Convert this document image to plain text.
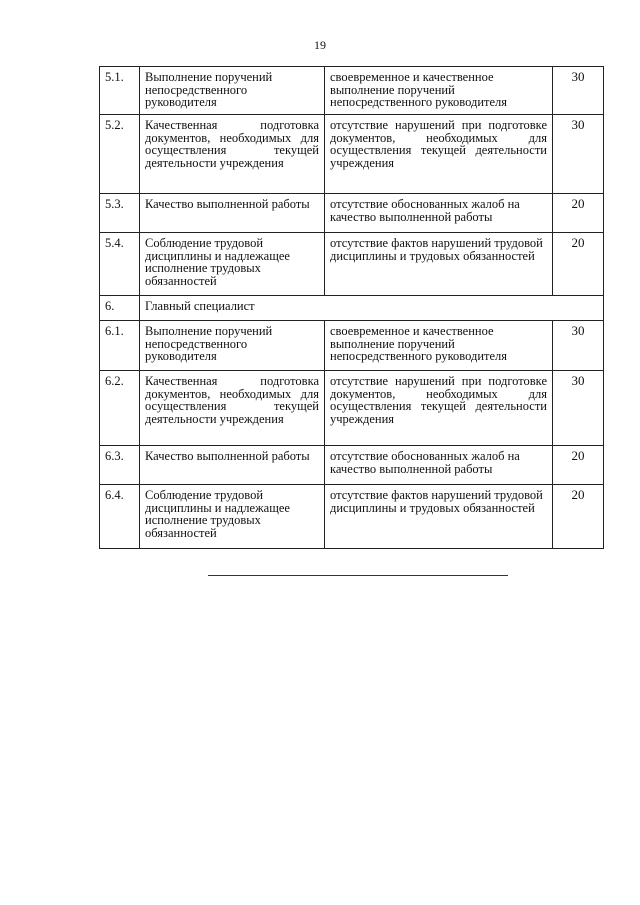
19
5.1.	Выполнение поручений непосредственного руководителя	своевременное и качественное выполнение поручений непосредственного руководителя	30
5.2.	Качественная подготовка документов, необходимых для осуществления текущей деятельности учреждения	отсутствие нарушений при подготовке документов, необходимых для осуществления текущей деятельности учреждения	30
5.3.	Качество выполненной работы	отсутствие обоснованных жалоб на качество выполненной работы	20
5.4.	Соблюдение трудовой дисциплины и надлежащее исполнение трудовых обязанностей	отсутствие фактов нарушений трудовой дисциплины и трудовых обязанностей	20
6.	Главный специалист		
6.1.	Выполнение поручений непосредственного руководителя	своевременное и качественное выполнение поручений непосредственного руководителя	30
6.2.	Качественная подготовка документов, необходимых для осуществления текущей деятельности учреждения	отсутствие нарушений при подготовке документов, необходимых для осуществления текущей деятельности учреждения	30
6.3.	Качество выполненной работы	отсутствие обоснованных жалоб на качество выполненной работы	20
6.4.	Соблюдение трудовой дисциплины и надлежащее исполнение трудовых обязанностей	отсутствие фактов нарушений трудовой дисциплины и трудовых обязанностей	20
